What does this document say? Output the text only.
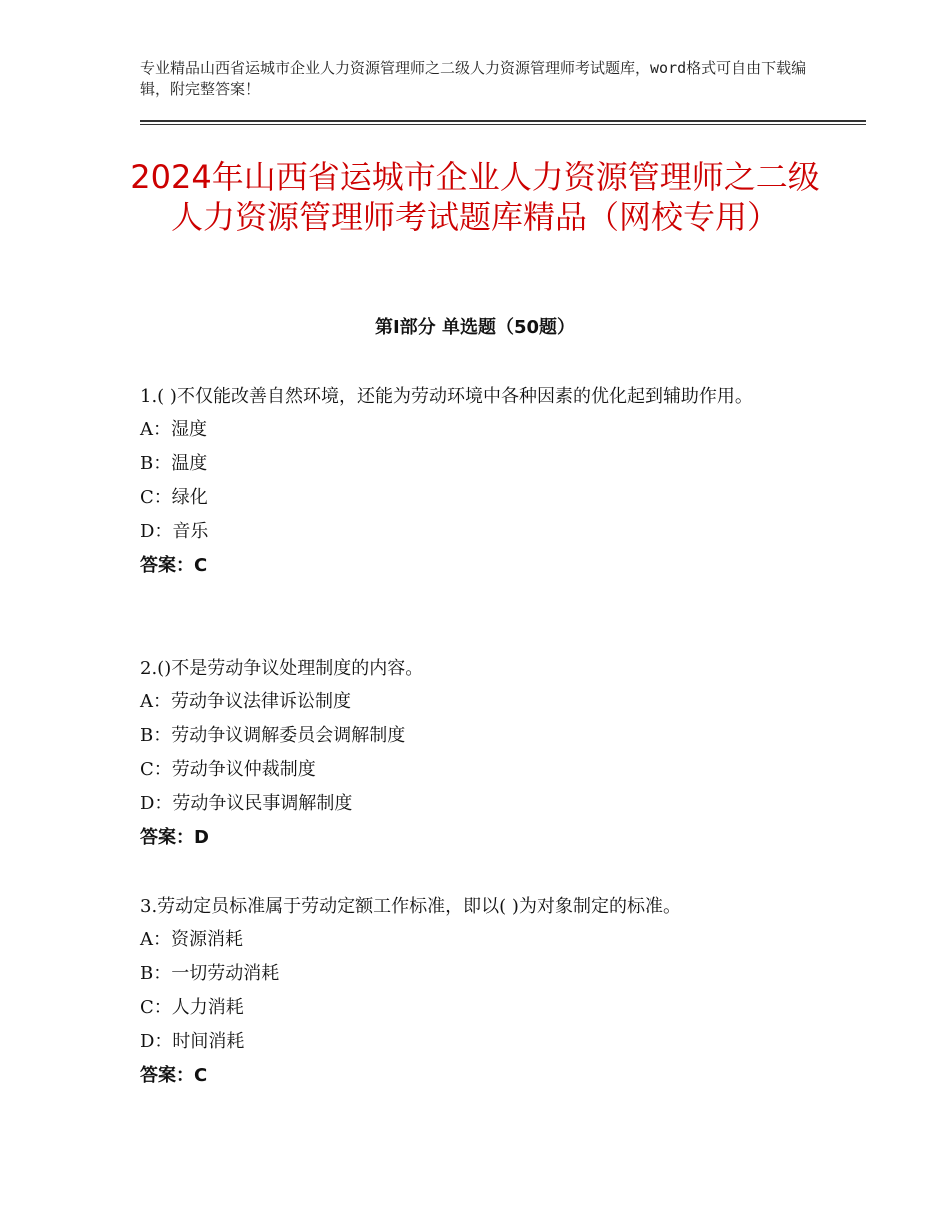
专业精品山西省运城市企业人力资源管理师之二级人力资源管理师考试题库，word格式可自由下载编辑，附完整答案！
2024年山西省运城市企业人力资源管理师之二级人力资源管理师考试题库精品（网校专用）
第Ⅰ部分 单选题（50题）

1.( )不仅能改善自然环境，还能为劳动环境中各种因素的优化起到辅助作用。

A：湿度

B：温度

C：绿化

D：音乐

答案：C

2.()不是劳动争议处理制度的内容。

A：劳动争议法律诉讼制度

B：劳动争议调解委员会调解制度

C：劳动争议仲裁制度

D：劳动争议民事调解制度

答案：D

3.劳动定员标准属于劳动定额工作标准，即以( )为对象制定的标准。

A：资源消耗

B：一切劳动消耗

C：人力消耗

D：时间消耗

答案：C
